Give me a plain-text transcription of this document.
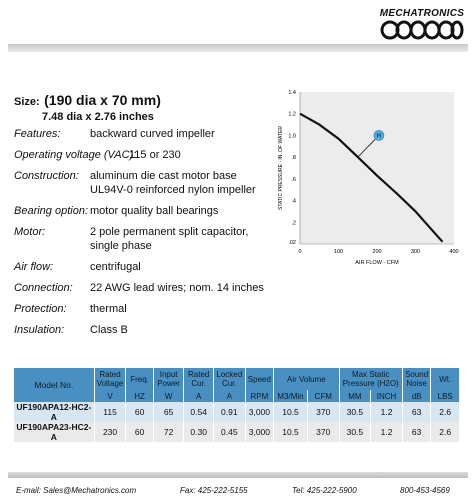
MECHATRONICS
Size: (190 dia x 70 mm)
7.48 dia x 2.76 inches
Features:	backward curved impeller
Operating voltage (VAC):
115 or 230
Construction:	aluminum die cast motor base UL94V-0 reinforced nylon impeller
Bearing option: motor quality ball bearings
Motor:	2 pole permanent split capacitor, single phase
Air flow:	centrifugal
Connection:	22 AWG lead wires; nom. 14 inches
Protection:	thermal
Insulation:	Class B
.02
.2
.4
.6
.8
1.0
1.2
1.4
0	100	200	300	400
H
AIR FLOW - CFM
STATIC PRESSURE - IN. OF WATER
Model No.	Rated Voltage	Freq.	Input Power	Rated Cur.	Locked Cur.	Speed	Air Volume		Max Static Pressure (H2O)		Sound Noise	Wt.
	V	HZ	W	A	A	RPM	M3/Min	CFM	MM	INCH	dB	LBS
UF190APA12-HC2-A	115	60	65	0.54	0.91	3,000	10.5	370	30.5	1.2	63	2.6
UF190APA23-HC2-A	230	60	72	0.30	0.45	3,000	10.5	370	30.5	1.2	63	2.6
E-mail: Sales@Mechatronics.com	Fax: 425-222-5155	Tel: 425-222-5900	800-453-4569
